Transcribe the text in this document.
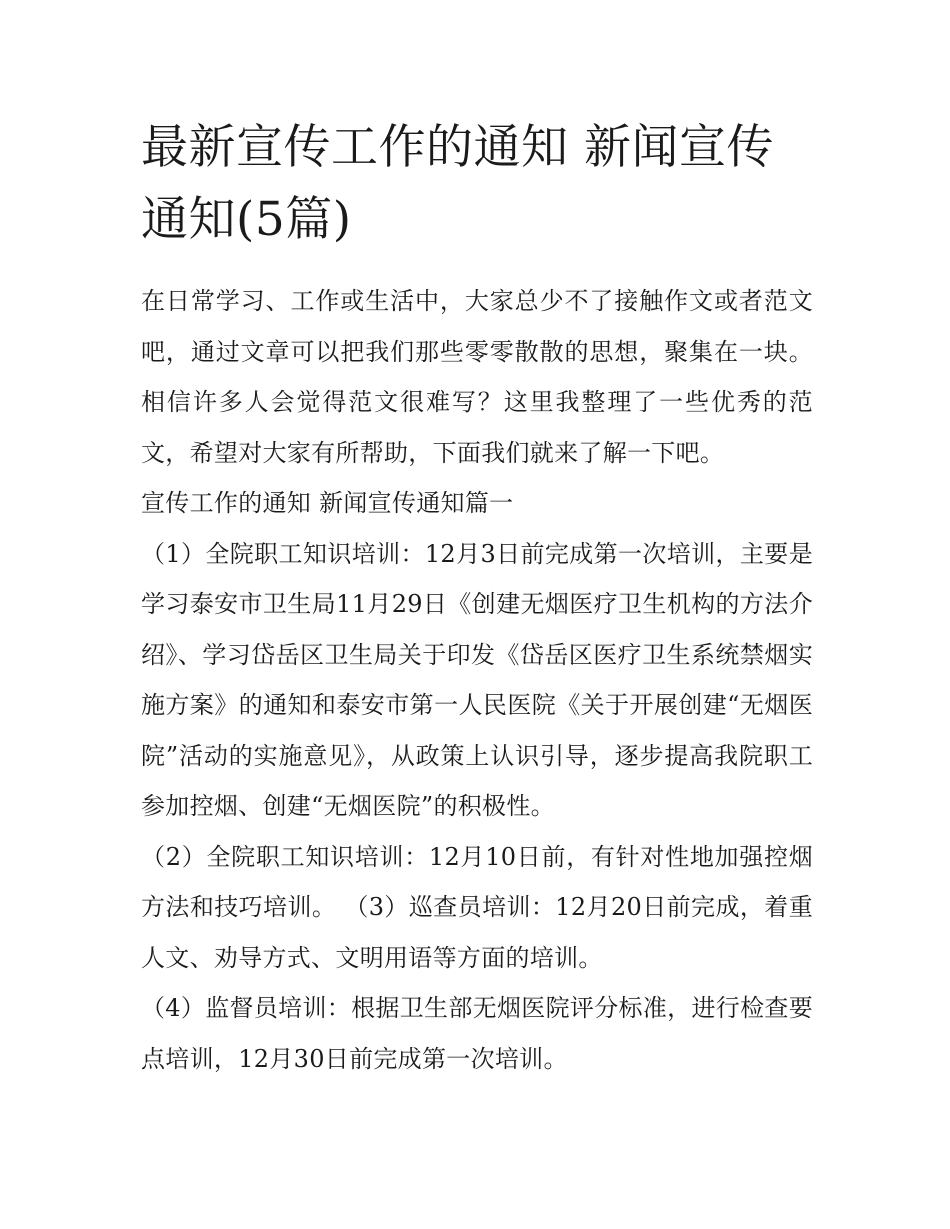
最新宣传工作的通知 新闻宣传通知(5篇)

在日常学习、工作或生活中，大家总少不了接触作文或者范文吧，通过文章可以把我们那些零零散散的思想，聚集在一块。相信许多人会觉得范文很难写？这里我整理了一些优秀的范文，希望对大家有所帮助，下面我们就来了解一下吧。

宣传工作的通知 新闻宣传通知篇一

（1）全院职工知识培训：12月3日前完成第一次培训，主要是学习泰安市卫生局11月29日《创建无烟医疗卫生机构的方法介绍》、学习岱岳区卫生局关于印发《岱岳区医疗卫生系统禁烟实施方案》的通知和泰安市第一人民医院《关于开展创建“无烟医院”活动的实施意见》，从政策上认识引导，逐步提高我院职工参加控烟、创建“无烟医院”的积极性。

（2）全院职工知识培训：12月10日前，有针对性地加强控烟方法和技巧培训。 （3）巡查员培训：12月20日前完成，着重人文、劝导方式、文明用语等方面的培训。

（4）监督员培训：根据卫生部无烟医院评分标准，进行检查要点培训，12月30日前完成第一次培训。
